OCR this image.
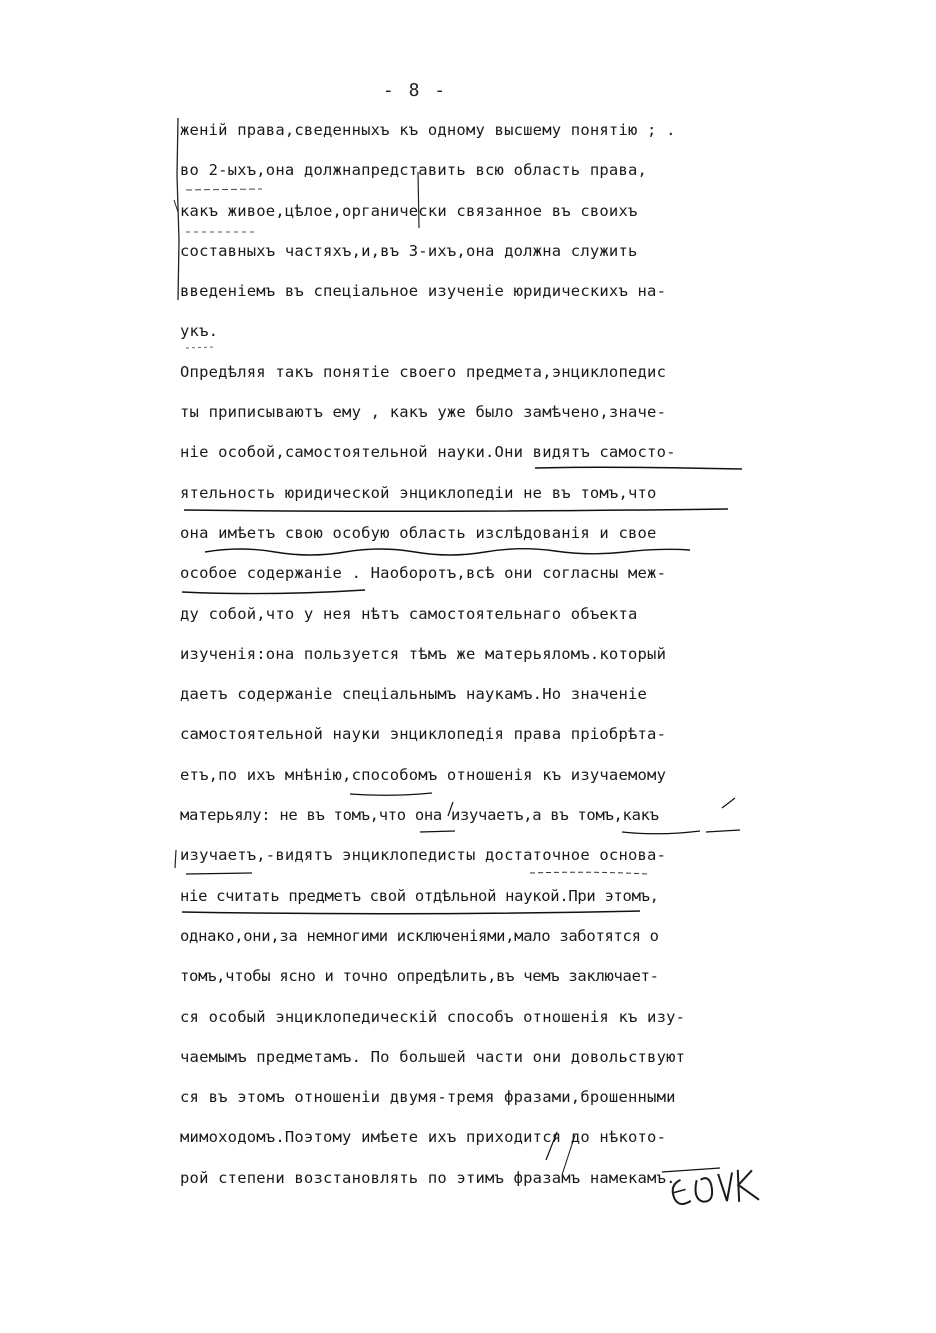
- 8 -
женій права,сведенныхъ къ одному высшему понятію ; .
во 2-ыхъ,она должнапредставить всю область права,
какъ живое,цѣлое,органически связанное въ своихъ
составныхъ частяхъ,и,въ 3-ихъ,она должна служить
введеніемъ въ спеціальное изученіе юридическихъ на-
укъ.
Опредѣляя такъ понятіе своего предмета,энциклопедис
ты приписываютъ ему , какъ уже было замѣчено,значе-
ніе особой,самостоятельной науки.Они видятъ самосто-
ятельность юридической энциклопедіи не въ томъ,что
она имѣетъ свою особую область изслѣдованія и свое
особое содержаніе . Наоборотъ,всѣ они согласны меж-
ду собой,что у нея нѣтъ самостоятельнаго объекта
изученія:она пользуется тѣмъ же матерьяломъ.который
даетъ содержаніе спеціальнымъ наукамъ.Но значеніе
самостоятельной науки энциклопедія права пріобрѣта-
етъ,по ихъ мнѣнію,способомъ отношенія къ изучаемому
матерьялу: не въ томъ,что она изучаетъ,а въ томъ,какъ
изучаетъ,-видятъ энциклопедисты достаточное основа-
ніе считать предметъ свой отдѣльной наукой.При этомъ,
однако,они,за немногими исключеніями,мало заботятся о
томъ,чтобы ясно и точно опредѣлить,въ чемъ заключает-
ся особый энциклопедическій способъ отношенія къ изу-
чаемымъ предметамъ. По большей части они довольствуют
ся въ этомъ отношеніи двумя-тремя фразами,брошенными
мимоходомъ.Поэтому имѣете ихъ приходится до нѣкото-
рой степени возстановлять по этимъ фразамъ намекамъ.
